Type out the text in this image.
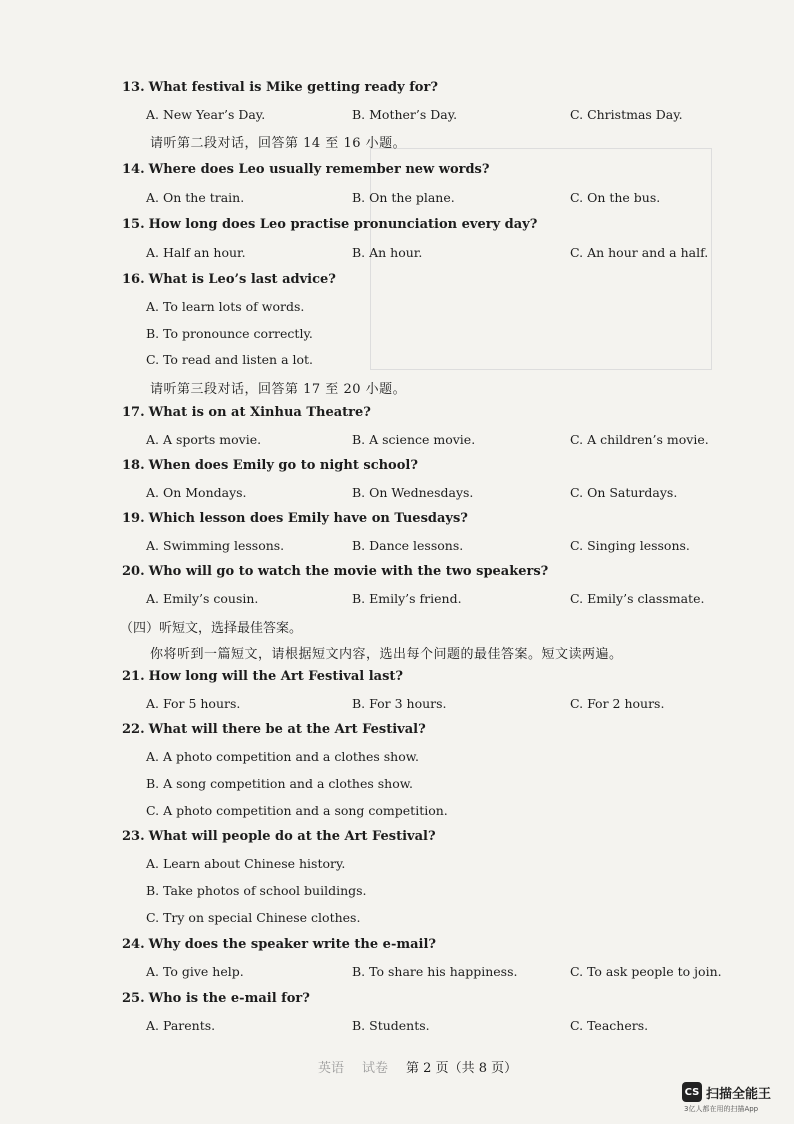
13. What festival is Mike getting ready for?
A. New Year’s Day.	B. Mother’s Day.	C. Christmas Day.
请听第二段对话，回答第 14 至 16 小题。
14. Where does Leo usually remember new words?
A. On the train.	B. On the plane.	C. On the bus.
15. How long does Leo practise pronunciation every day?
A. Half an hour.	B. An hour.	C. An hour and a half.
16. What is Leo’s last advice?
A. To learn lots of words.
B. To pronounce correctly.
C. To read and listen a lot.
请听第三段对话，回答第 17 至 20 小题。
17. What is on at Xinhua Theatre?
A. A sports movie.	B. A science movie.	C. A children’s movie.
18. When does Emily go to night school?
A. On Mondays.	B. On Wednesdays.	C. On Saturdays.
19. Which lesson does Emily have on Tuesdays?
A. Swimming lessons.	B. Dance lessons.	C. Singing lessons.
20. Who will go to watch the movie with the two speakers?
A. Emily’s cousin.	B. Emily’s friend.	C. Emily’s classmate.
（四）听短文，选择最佳答案。
你将听到一篇短文，请根据短文内容，选出每个问题的最佳答案。短文读两遍。
21. How long will the Art Festival last?
A. For 5 hours.	B. For 3 hours.	C. For 2 hours.
22. What will there be at the Art Festival?
A. A photo competition and a clothes show.
B. A song competition and a clothes show.
C. A photo competition and a song competition.
23. What will people do at the Art Festival?
A. Learn about Chinese history.
B. Take photos of school buildings.
C. Try on special Chinese clothes.
24. Why does the speaker write the e-mail?
A. To give help.	B. To share his happiness.	C. To ask people to join.
25. Who is the e-mail for?
A. Parents.	B. Students.	C. Teachers.
英语 试卷 第 2 页（共 8 页）
CS 扫描全能王
3亿人都在用的扫描App
